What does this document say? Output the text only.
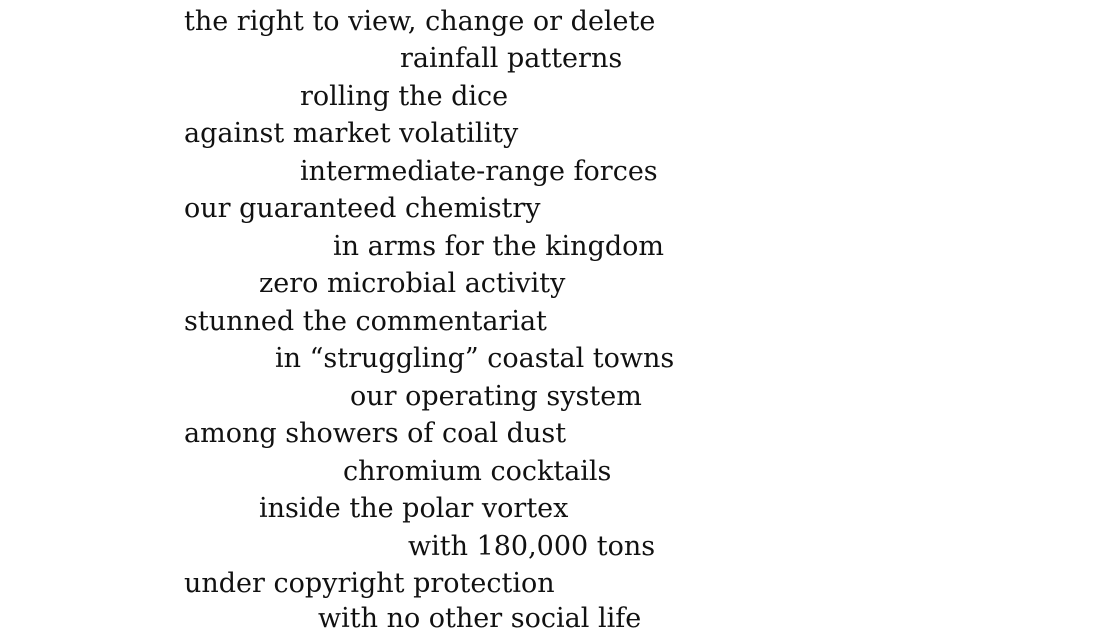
the right to view, change or delete

rainfall patterns

rolling the dice

against market volatility

intermediate-range forces

our guaranteed chemistry

in arms for the kingdom

zero microbial activity

stunned the commentariat

in “struggling” coastal towns

our operating system

among showers of coal dust

chromium cocktails

inside the polar vortex

with 180,000 tons

under copyright protection

with no other social life
